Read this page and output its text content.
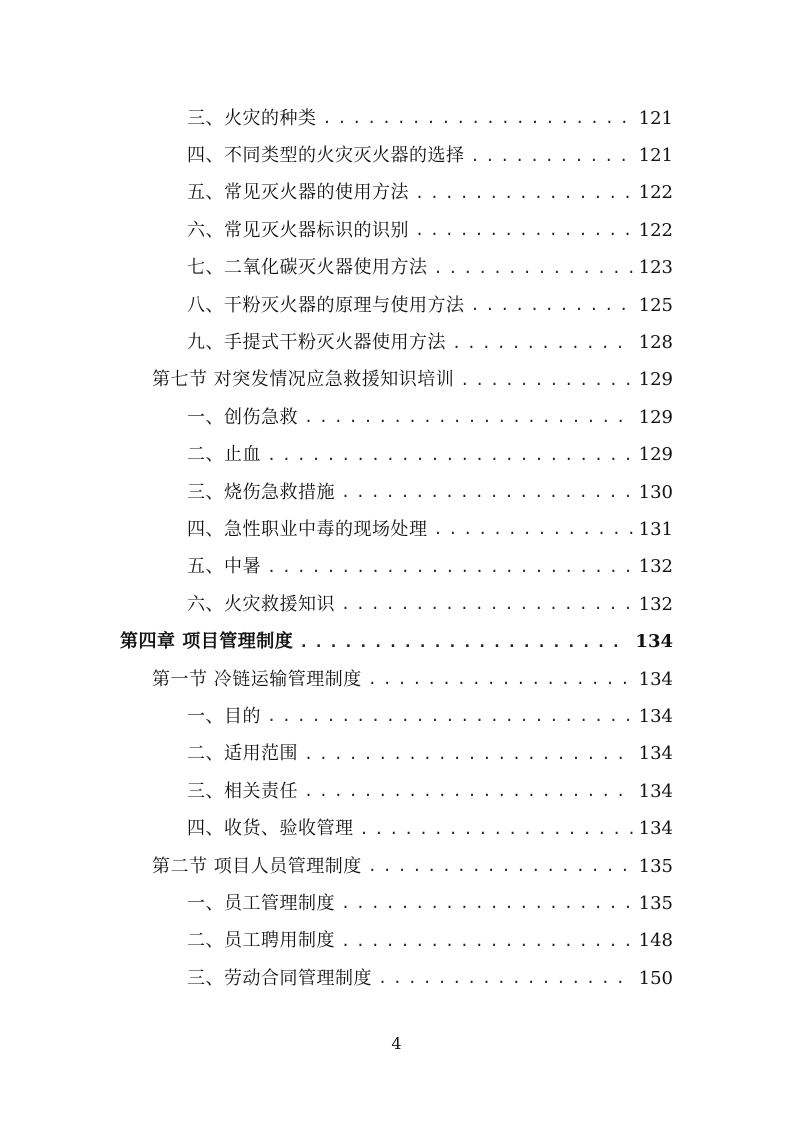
三、火灾的种类 . . .	121
四、不同类型的火灾灭火器的选择 . . .	121
五、常见灭火器的使用方法 . . .	122
六、常见灭火器标识的识别 . . .	122
七、二氧化碳灭火器使用方法 . . .	123
八、干粉灭火器的原理与使用方法 . . .	125
九、手提式干粉灭火器使用方法 . . .	128
第七节 对突发情况应急救援知识培训 . . .	129
一、创伤急救 . . .	129
二、止血 . . .	129
三、烧伤急救措施 . . .	130
四、急性职业中毒的现场处理 . . .	131
五、中暑 . . .	132
六、火灾救援知识 . . .	132
第四章 项目管理制度 . . .	134
第一节 冷链运输管理制度 . . .	134
一、目的 . . .	134
二、适用范围 . . .	134
三、相关责任 . . .	134
四、收货、验收管理 . . .	134
第二节 项目人员管理制度 . . .	135
一、员工管理制度 . . .	135
二、员工聘用制度 . . .	148
三、劳动合同管理制度 . . .	150
4
